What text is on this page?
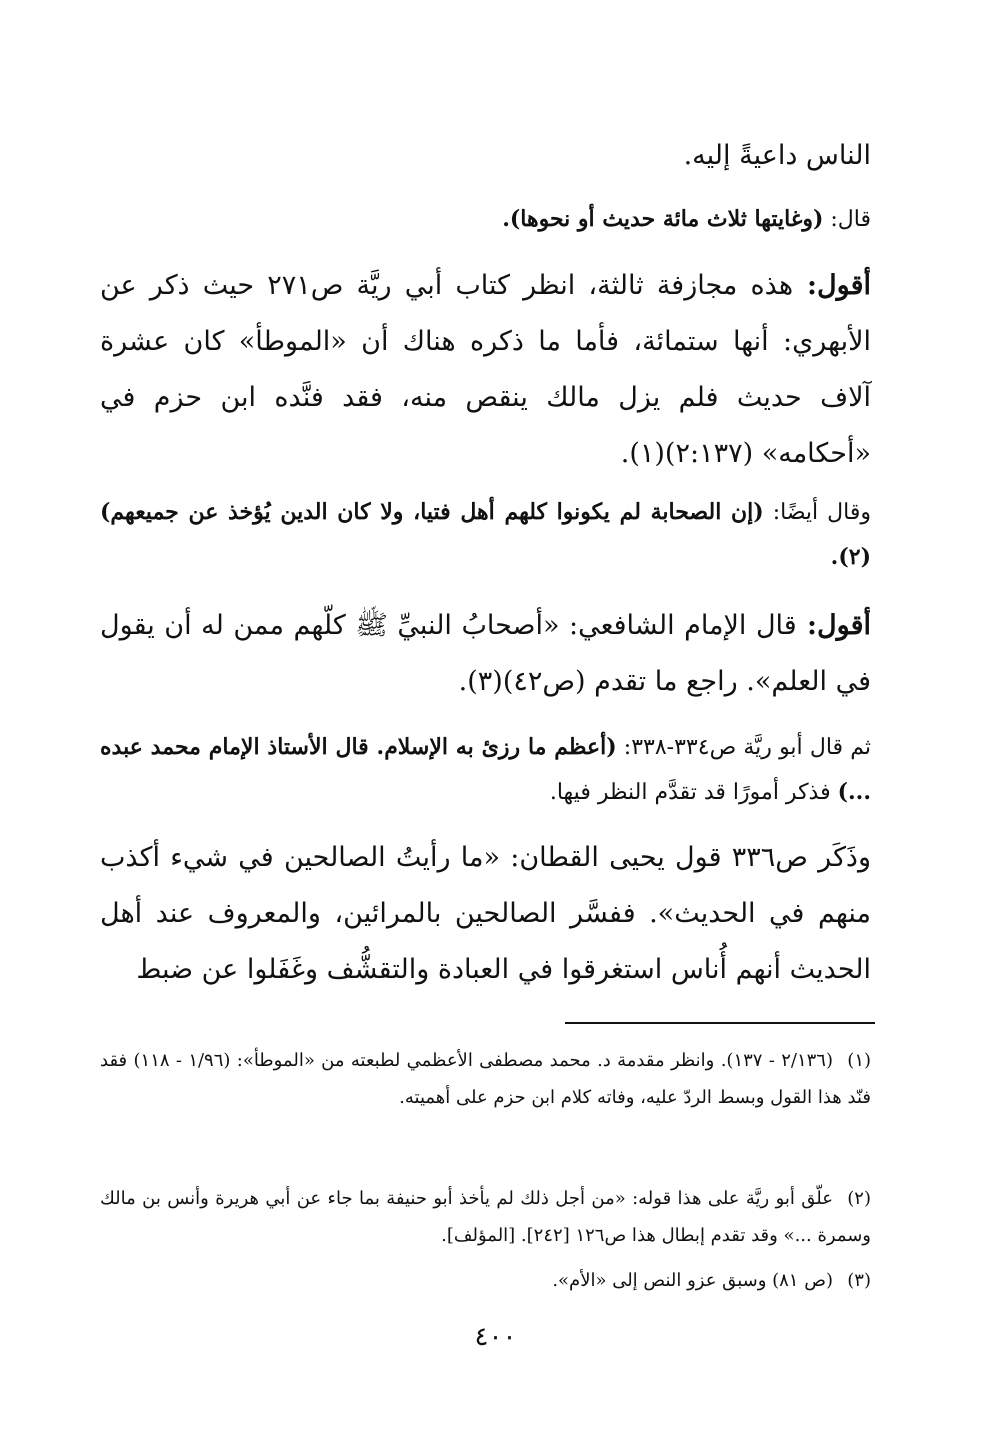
الناس داعيةً إليه.

قال: (وغايتها ثلاث مائة حديث أو نحوها).

أقول: هذه مجازفة ثالثة، انظر كتاب أبي ريَّة ص٢٧١ حيث ذكر عن الأبهري: أنها ستمائة، فأما ما ذكره هناك أن «الموطأ» كان عشرة آلاف حديث فلم يزل مالك ينقص منه، فقد فنَّده ابن حزم في «أحكامه» (٢:١٣٧)(١).

وقال أيضًا: (إن الصحابة لم يكونوا كلهم أهل فتيا، ولا كان الدين يُؤخذ عن جميعهم)(٢).

أقول: قال الإمام الشافعي: «أصحابُ النبيِّ ﷺ كلّهم ممن له أن يقول في العلم». راجع ما تقدم (ص٤٢)(٣).

ثم قال أبو ريَّة ص٣٣٤-٣٣٨: (أعظم ما رزئ به الإسلام. قال الأستاذ الإمام محمد عبده ...) فذكر أمورًا قد تقدَّم النظر فيها.

وذَكَر ص٣٣٦ قول يحيى القطان: «ما رأيتُ الصالحين في شيء أكذب منهم في الحديث». ففسَّر الصالحين بالمرائين، والمعروف عند أهل الحديث أنهم أُناس استغرقوا في العبادة والتقشُّف وغَفَلوا عن ضبط

(١)(٢/١٣٦ - ١٣٧). وانظر مقدمة د. محمد مصطفى الأعظمي لطبعته من «الموطأ»: (١/٩٦ - ١١٨) فقد فنّد هذا القول وبسط الردّ عليه، وفاته كلام ابن حزم على أهميته.
(٢)علّق أبو ريَّة على هذا قوله: «من أجل ذلك لم يأخذ أبو حنيفة بما جاء عن أبي هريرة وأنس بن مالك وسمرة ...» وقد تقدم إبطال هذا ص١٢٦ [٢٤٢]. [المؤلف].
(٣)(ص ٨١) وسبق عزو النص إلى «الأم».
٤٠٠
